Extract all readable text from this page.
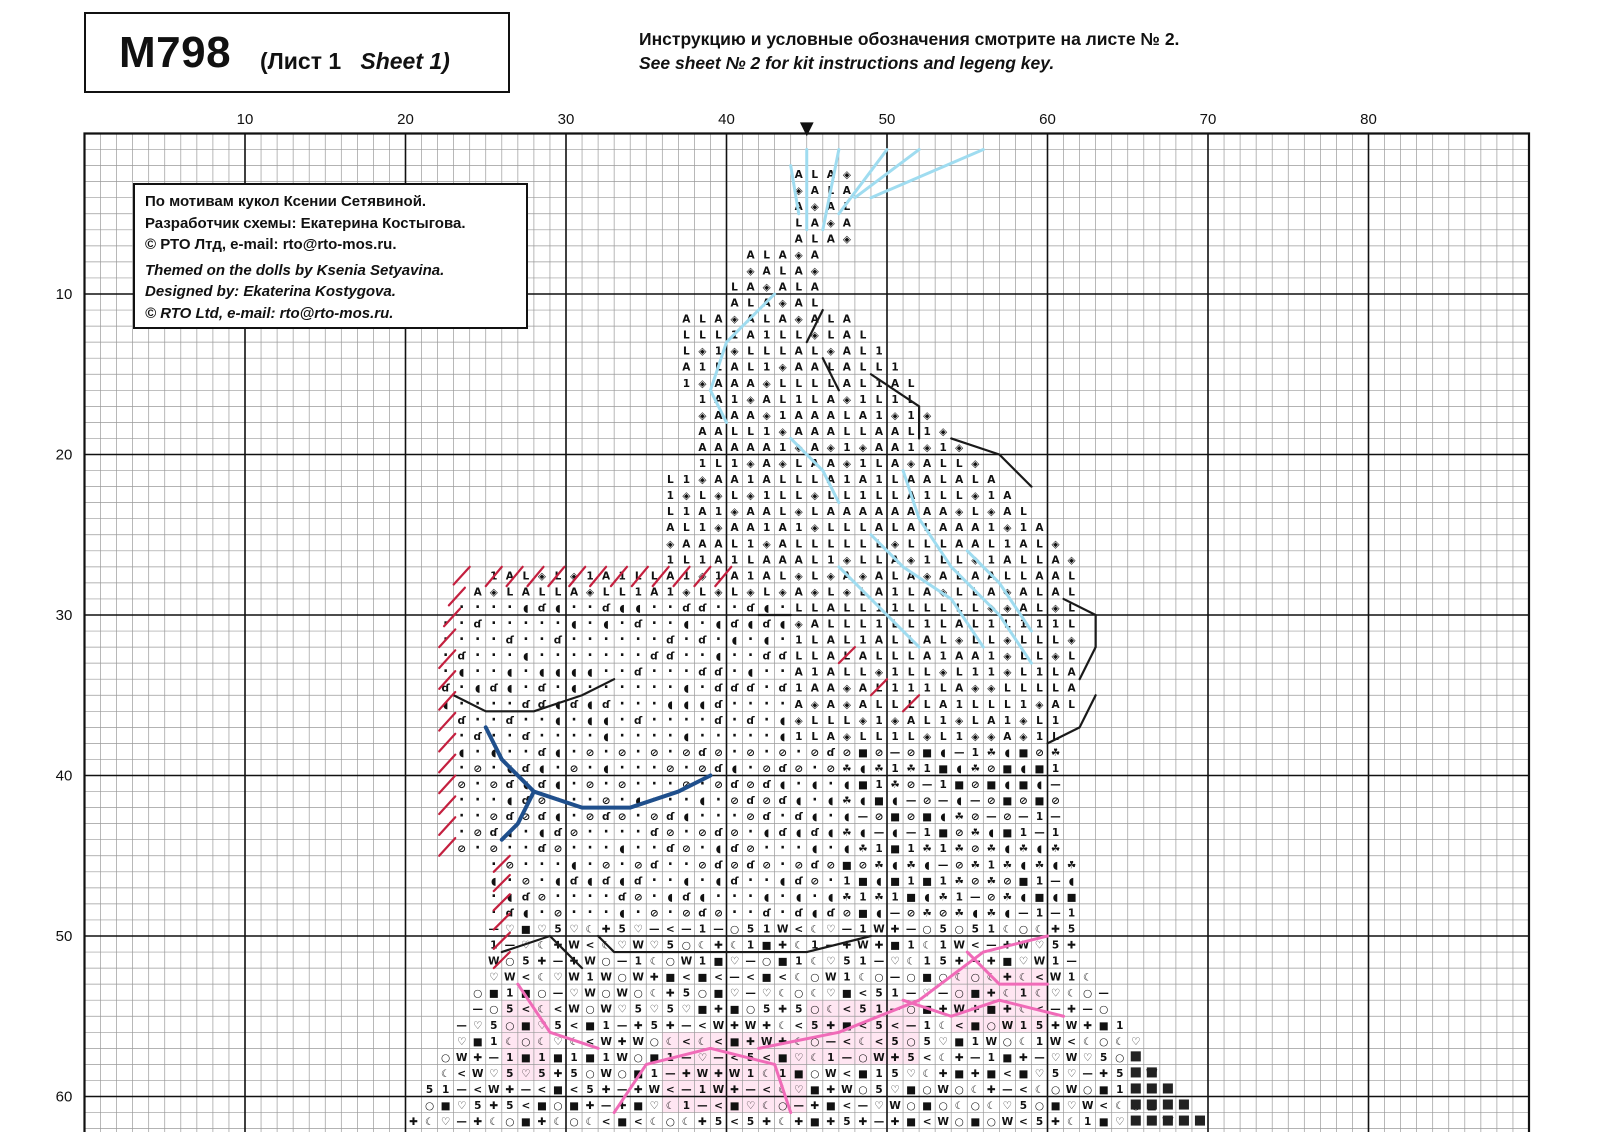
M798 (Лист 1 Sheet 1)
Инструкцию и условные обозначения смотрите на листе № 2.
See sheet № 2 for kit instructions and legeng key.
A L A ◈
◈ A L A
A ◈ A L
L A ◈ A
A L A ◈
A L A ◈ A
◈ A L A ◈
L A ◈ A L A
A L A ◈ A L
A L A ◈ A L A ◈ A L A
L L L 1 A 1 L L ◈ L A L
L ◈ 1 ◈ L L L A L ◈ A L 1
A 1 L A L 1 ◈ A A L A L L 1
1 ◈ A A A ◈ L L L L A L 1 A L
1 A 1 ◈ A L 1 L A ◈ 1 L 1 L
◈ A A A ◈ 1 A A A L A 1 ◈ 1 ◈
A A L L 1 ◈ A A A L L A A L 1 ◈
A A A A A 1 ◈ A ◈ 1 ◈ A A 1 ◈ 1 ◈
1 L 1 ◈ A ◈ L A A ◈ 1 L A ◈ A L L ◈
L 1 ◈ A A 1 A L L L A 1 A 1 L A A L A L A
1 ◈ L ◈ L ◈ 1 L L ◈ L L 1 L L A 1 L L ◈ 1 A
L 1 A 1 ◈ A A L ◈ L A A A A A A A A ◈ L ◈ A L
A L 1 ◈ A A 1 A 1 ◈ L L L A L A L A A A 1 ◈ 1 A
◈ A A A L 1 ◈ A L L L L L L ◈ L L L A A L 1 A L ◈
1 L 1 A 1 L A A A L 1 ◈ L L A ◈ 1 L L ◈ 1 A L L A ◈
1 A L ◈ L ◈ 1 A 1 L L A 1 ◈ 1 A 1 A L ◈ L ◈ A ◈ A L A ◈ A L A A L L A A L
A ◈ L A L L A ◈ L L 1 A 1 ◈ L ◈ L ◈ L ◈ A ◈ L ◈ L A 1 L A ◈ L L A ◈ A L A L
· · · · ◖ ɗ ◖ · · ɗ ◖ ◖ · · ɗ ɗ · · ɗ ◖ · L L A L L 1 1 L L L L L ◈ ◈ A L ◈ L
· · ɗ · · · · · ◖ · ◖ · ɗ · · ◖ · ◖ ɗ ◖ ɗ ◖ ◈ A L L L 1 L L 1 L A L 1 L 1 1 1 L
· · · · ɗ · · ɗ · · · · · · ɗ · ɗ · ◖ · ◖ · 1 L A L 1 A L L A L ◈ L L ◈ L L L ◈
· ɗ · · · ◖ · · · · · · · ɗ ɗ · · ◖ · · ɗ ɗ L L A L A L L L A 1 A A 1 ◈ L L ◈ L
· ◖ · · ◖ · ◖ ◖ ◖ ◖ · · ɗ · · · ɗ ɗ · ◖ · · A 1 A L L ◈ 1 L L ◈ L 1 1 ◈ L 1 L A
ɗ · ◖ ɗ ◖ · ɗ · ◖ · · · · · · ◖ · ɗ ɗ ɗ · ɗ 1 A A ◈ A L 1 1 1 L A ◈ ◈ L L L L A
◖ · · · · ɗ ɗ ◖ ɗ ◖ ɗ · · · ◖ ◖ ◖ ɗ · · · · A ◈ A ◈ A L L L L A 1 L L L 1 ◈ A L
ɗ · · ɗ · · ◖ · ◖ ◖ · ɗ · · · · ɗ · ɗ · ◖ ◈ L L L ◈ 1 ◈ A L 1 ◈ L A 1 ◈ L 1
· ɗ · · ɗ · · · · ◖ · · · · ◖ · · · · · ◖ 1 L A ◈ L L 1 L ◈ L 1 ◈ ◈ A ◈ 1 L
◖ · ◖ · · ɗ ◖ · ⊘ · ⊘ · ⊘ · ⊘ ɗ ⊘ · ⊘ · ⊘ · ⊘ ɗ ⊘ ■ ⊘ — ⊘ ■ ◖ — 1 ☘ ◖ ■ ⊘ ☘
· ⊘ · ◖ ɗ ◖ · ⊘ · ◖ · · · ⊘ · ⊘ ɗ ◖ · ⊘ ɗ ⊘ · ⊘ ☘ ◖ ☘ 1 ☘ 1 ■ ◖ ☘ ⊘ ■ ◖ ■ 1
⊘ · ⊘ ɗ ◖ ɗ ◖ · ⊘ · ⊘ · · · ⊘ · ⊘ ɗ ⊘ ɗ ◖ · ◖ · ◖ ■ 1 ☘ ⊘ — 1 ■ ⊘ ■ ◖ ■ ◖ —
· · · ◖ ɗ ⊘ · · · ⊘ · ◖ · · · ◖ · ⊘ ɗ ⊘ ɗ ◖ · ◖ ☘ ◖ ■ ◖ — ⊘ — ◖ — ⊘ ■ ⊘ ■ ⊘
· · ⊘ ɗ ⊘ ɗ ◖ · ⊘ ɗ ⊘ · ⊘ ɗ ◖ · · · ⊘ ɗ · ɗ ◖ · ◖ — ⊘ ■ ⊘ ■ ◖ ☘ ⊘ — ⊘ — 1 —
· ⊘ ɗ ◖ · ◖ ɗ ⊘ · · · · ɗ ⊘ · ⊘ ɗ ⊘ · ◖ ɗ ◖ ɗ ◖ ☘ ◖ — ◖ — 1 ■ ⊘ ☘ ◖ ■ 1 — 1
⊘ · ⊘ · · ɗ ⊘ · · · ◖ · · ɗ ⊘ · ◖ ɗ ⊘ · · · ◖ · ◖ ☘ 1 ■ 1 ☘ 1 ☘ ⊘ ☘ ◖ ☘ ◖ ☘
· ⊘ · · · ◖ · ⊘ · ⊘ ɗ · · ⊘ ɗ ⊘ ɗ ⊘ · ⊘ ɗ ⊘ ■ ⊘ ☘ ◖ ☘ ◖ — ⊘ ☘ 1 ☘ ◖ ☘ ◖ ☘
◖ · ⊘ · ◖ ɗ ◖ ɗ ◖ ɗ · · ◖ · ◖ ɗ · · ◖ ɗ ⊘ · 1 ■ ◖ ■ 1 ■ 1 ☘ ⊘ ☘ ⊘ ■ 1 — ◖
· ◖ ɗ ⊘ · · · · ɗ ⊘ · ◖ ɗ ◖ · · · ◖ · ◖ · ◖ ☘ 1 ☘ 1 ■ ◖ ☘ 1 — ⊘ ☘ ◖ ■ ◖ ■
· ɗ ◖ · ⊘ · · · ◖ · ⊘ · ⊘ ɗ ⊘ · · ɗ · ɗ ◖ ɗ ⊘ ■ ◖ — ⊘ ☘ ⊘ ☘ ◖ ☘ ◖ — 1 — 1
— ♡ ■ ♡ 5 ♡ ☾ ✚ 5 ♡ — < — 1 — ○ 5 1 W < ☾ ♡ — 1 W ✚ — ○ 5 ○ 5 1 ☾ ○ ☾ ✚ 5
1 — ♡ ☾ ✚ W < ☾ ♡ W ♡ 5 ○ ☾ ✚ ☾ 1 ■ ✚ ☾ 1 — ✚ W ✚ ■ 1 ☾ 1 W < — ✚ W ♡ 5 ✚
W ○ 5 ✚ — ✚ W ○ — 1 ☾ ○ W 1 ■ ♡ — ○ ■ 1 ☾ ♡ 5 1 — ♡ ☾ 1 5 ✚ — ✚ ■ ♡ W 1 —
♡ W < ☾ ♡ W 1 W ○ W ✚ ■ < ■ < — < ■ < ☾ ○ W 1 ☾ ○ — ○ ■ ○ ☾ ○ ☾ ✚ ☾ < W 1 ☾
○ ■ 1 ■ ○ — ♡ W ○ W ○ ☾ ✚ 5 ○ ■ ♡ — ♡ ☾ ○ ☾ ♡ ■ < 5 1 — ♡ — ○ ■ ✚ ☾ 1 ☾ ♡ ☾ ○ —
— ○ 5 < ☾ < W ○ W ♡ 5 ♡ 5 ♡ ■ ✚ ■ ○ 5 ✚ 5 ○ ☾ < 5 1 — ○ ■ ✚ W ✚ ■ ✚ ☾ < — ✚ — ○
— ♡ 5 ○ ■ ♡ 5 < ■ 1 — ✚ 5 ✚ — < W ✚ W ✚ ☾ < 5 ✚ ■ < 5 < — 1 ☾ < ■ ○ W 1 5 ✚ W ✚ ■ 1
♡ ■ 1 ☾ ○ ☾ ♡ ☾ < W ✚ W ○ ☾ < ☾ < ■ ✚ W ✚ ☾ ○ — < ☾ < 5 ○ 5 ♡ ■ 1 W ○ ☾ 1 W < ☾ ○ ☾ ♡
○ W ✚ — 1 ■ 1 ■ 1 ■ 1 W ○ ■ 1 — ♡ — < 5 < ■ ♡ ☾ 1 — ○ W ✚ 5 < ☾ ✚ — 1 ■ ✚ — ♡ W ♡ 5 ○
☾ < W ♡ 5 ♡ 5 ✚ 5 ○ W ○ ■ 1 — ✚ W ✚ W 1 ☾ 1 ■ ○ W < ■ 1 5 ♡ ☾ ✚ ■ ✚ ■ < ■ ♡ 5 ♡ — ✚ 5
5 1 — < W ✚ — < ■ < 5 ✚ — ✚ W < — 1 W ✚ — < ☾ ♡ ■ ✚ W ○ 5 ♡ ■ ○ W ○ ☾ ✚ — < ☾ ○ W ○ ■ 1
○ ■ ♡ 5 ✚ 5 < ■ ○ ■ ✚ — ✚ ■ ♡ ☾ 1 — < ■ ♡ ☾ ○ — ✚ ■ < — ♡ W ○ ■ ○ ☾ ○ ☾ ♡ 5 ○ ■ ♡ W < ☾
✚ ☾ ♡ — ✚ ☾ ○ ■ ✚ ☾ ○ ☾ < ■ < ☾ ○ ☾ ✚ 5 < 5 ✚ ☾ ✚ ■ ✚ 5 ✚ — ✚ ■ < W ○ ■ ○ W < 5 ✚ ☾ 1 ■ ♡
10	20	30	40	50	60	70	80
10
20
30
40
50
60
▼
По мотивам кукол Ксении Сетявиной.
Разработчик схемы: Екатерина Костыгова.
© РТО Лтд, e-mail: rto@rto-mos.ru.
Themed on the dolls by Ksenia Setyavina.
Designed by: Ekaterina Kostygova.
© RTO Ltd, e-mail: rto@rto-mos.ru.
